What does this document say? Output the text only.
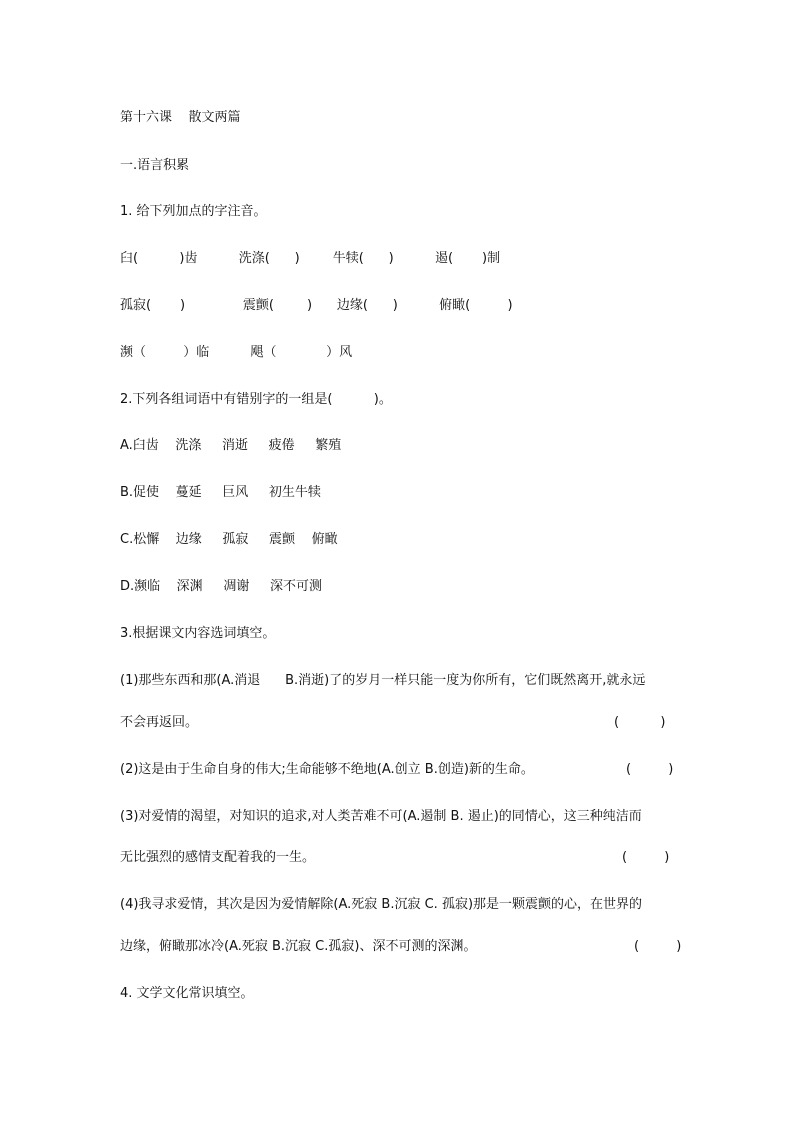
第十六课    散文两篇
一.语言积累
1. 给下列加点的字注音。
臼(          )齿          洗涤(      )        牛犊(      )          遏(       )制
孤寂(       )              震颤(        )      边缘(      )          俯瞰(         )
濒（         ）临          飓（            ）风
2.下列各组词语中有错别字的一组是(          )。
A.臼齿    洗涤     消逝     疲倦     繁殖
B.促使    蔓延     巨风     初生牛犊
C.松懈    边缘     孤寂     震颤    俯瞰
D.濒临    深渊     凋谢     深不可测
3.根据课文内容选词填空。
(1)那些东西和那(A.消退      B.消逝)了的岁月一样只能一度为你所有，它们既然离开,就永远
不会再返回。	(          )
(2)这是由于生命自身的伟大;生命能够不绝地(A.创立 B.创造)新的生命。	(         )
(3)对爱情的渴望，对知识的追求,对人类苦难不可(A.遏制 B. 遏止)的同情心，这三种纯洁而
无比强烈的感情支配着我的一生。	(         )
(4)我寻求爱情，其次是因为爱情解除(A.死寂 B.沉寂 C. 孤寂)那是一颗震颤的心，在世界的
边缘，俯瞰那冰冷(A.死寂 B.沉寂 C.孤寂)、深不可测的深渊。	(         )
4. 文学文化常识填空。
